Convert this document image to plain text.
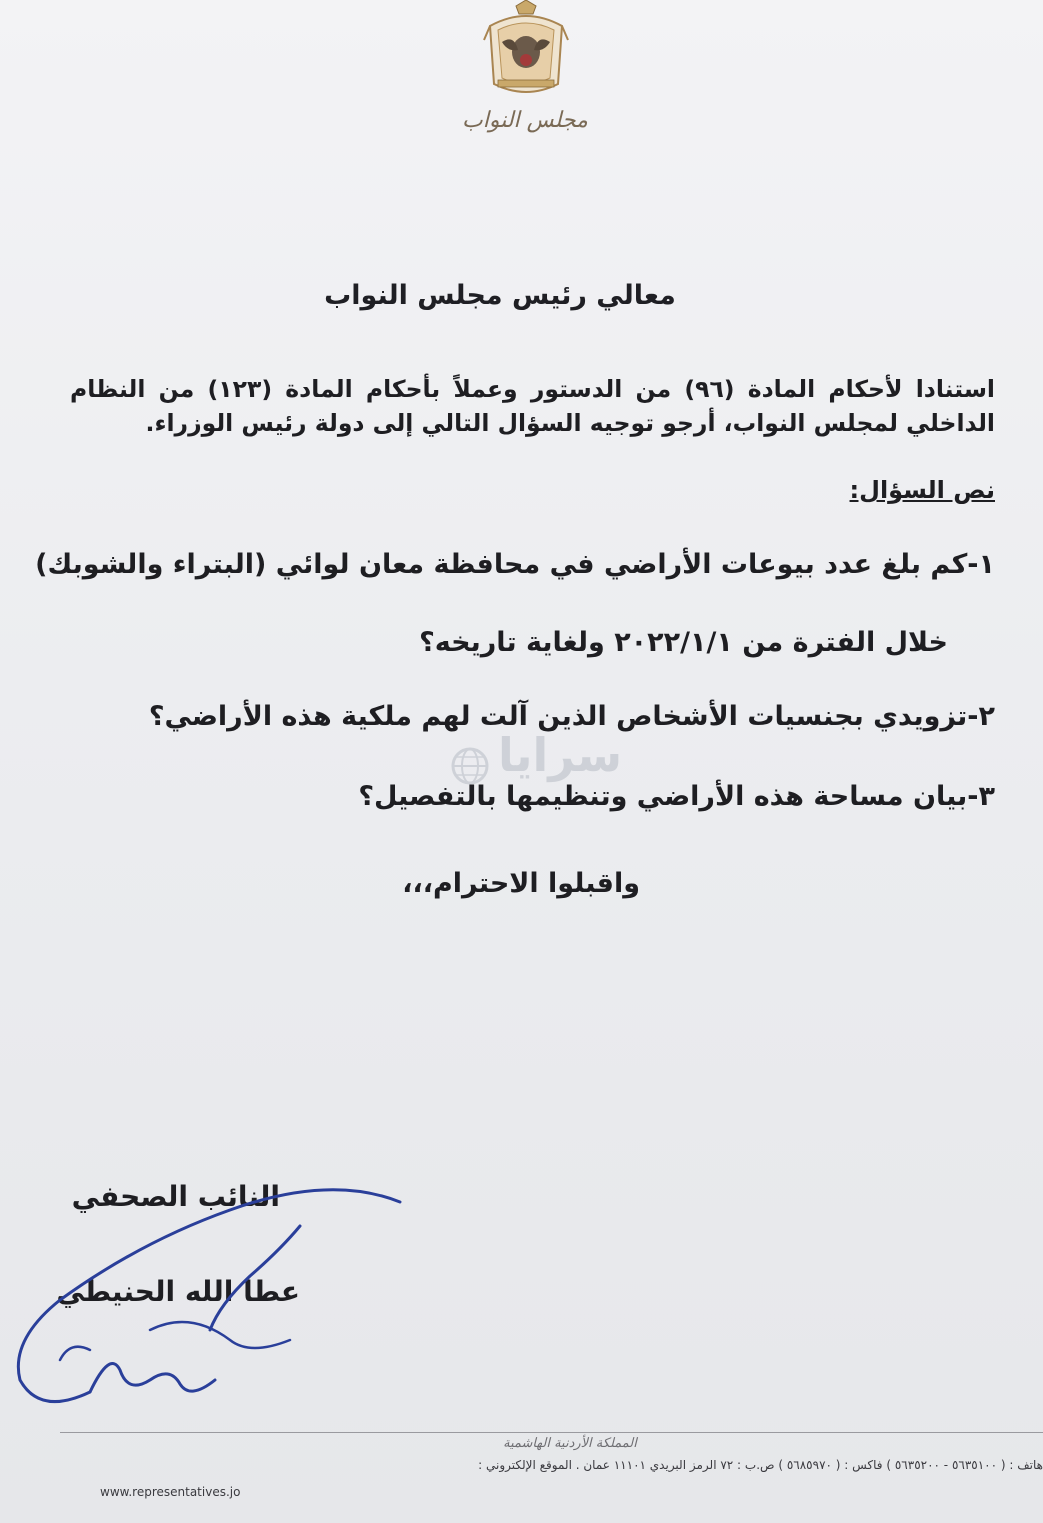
مجلس النواب
معالي رئيس مجلس النواب
استنادا لأحكام المادة (٩٦) من الدستور وعملاً بأحكام المادة (١٢٣) من النظام الداخلي لمجلس النواب، أرجو توجيه السؤال التالي إلى دولة رئيس الوزراء.
نص السؤال:
١-كم بلغ عدد بيوعات الأراضي في محافظة معان لوائي (البتراء والشوبك)
خلال الفترة من ٢٠٢٢/١/١ ولغاية تاريخه؟
٢-تزويدي بجنسيات الأشخاص الذين آلت لهم ملكية هذه الأراضي؟
٣-بيان مساحة هذه الأراضي وتنظيمها بالتفصيل؟
سرايا
واقبلوا الاحترام،،،
النائب الصحفي
عطا الله الحنيطي
المملكة الأردنية الهاشمية
هاتف : ( ٥٦٣٥١٠٠ - ٥٦٣٥٢٠٠ ) فاكس : ( ٥٦٨٥٩٧٠ ) ص.ب : ٧٢ الرمز البريدي ١١١٠١ عمان . الموقع الإلكتروني :
www.representatives.jo
